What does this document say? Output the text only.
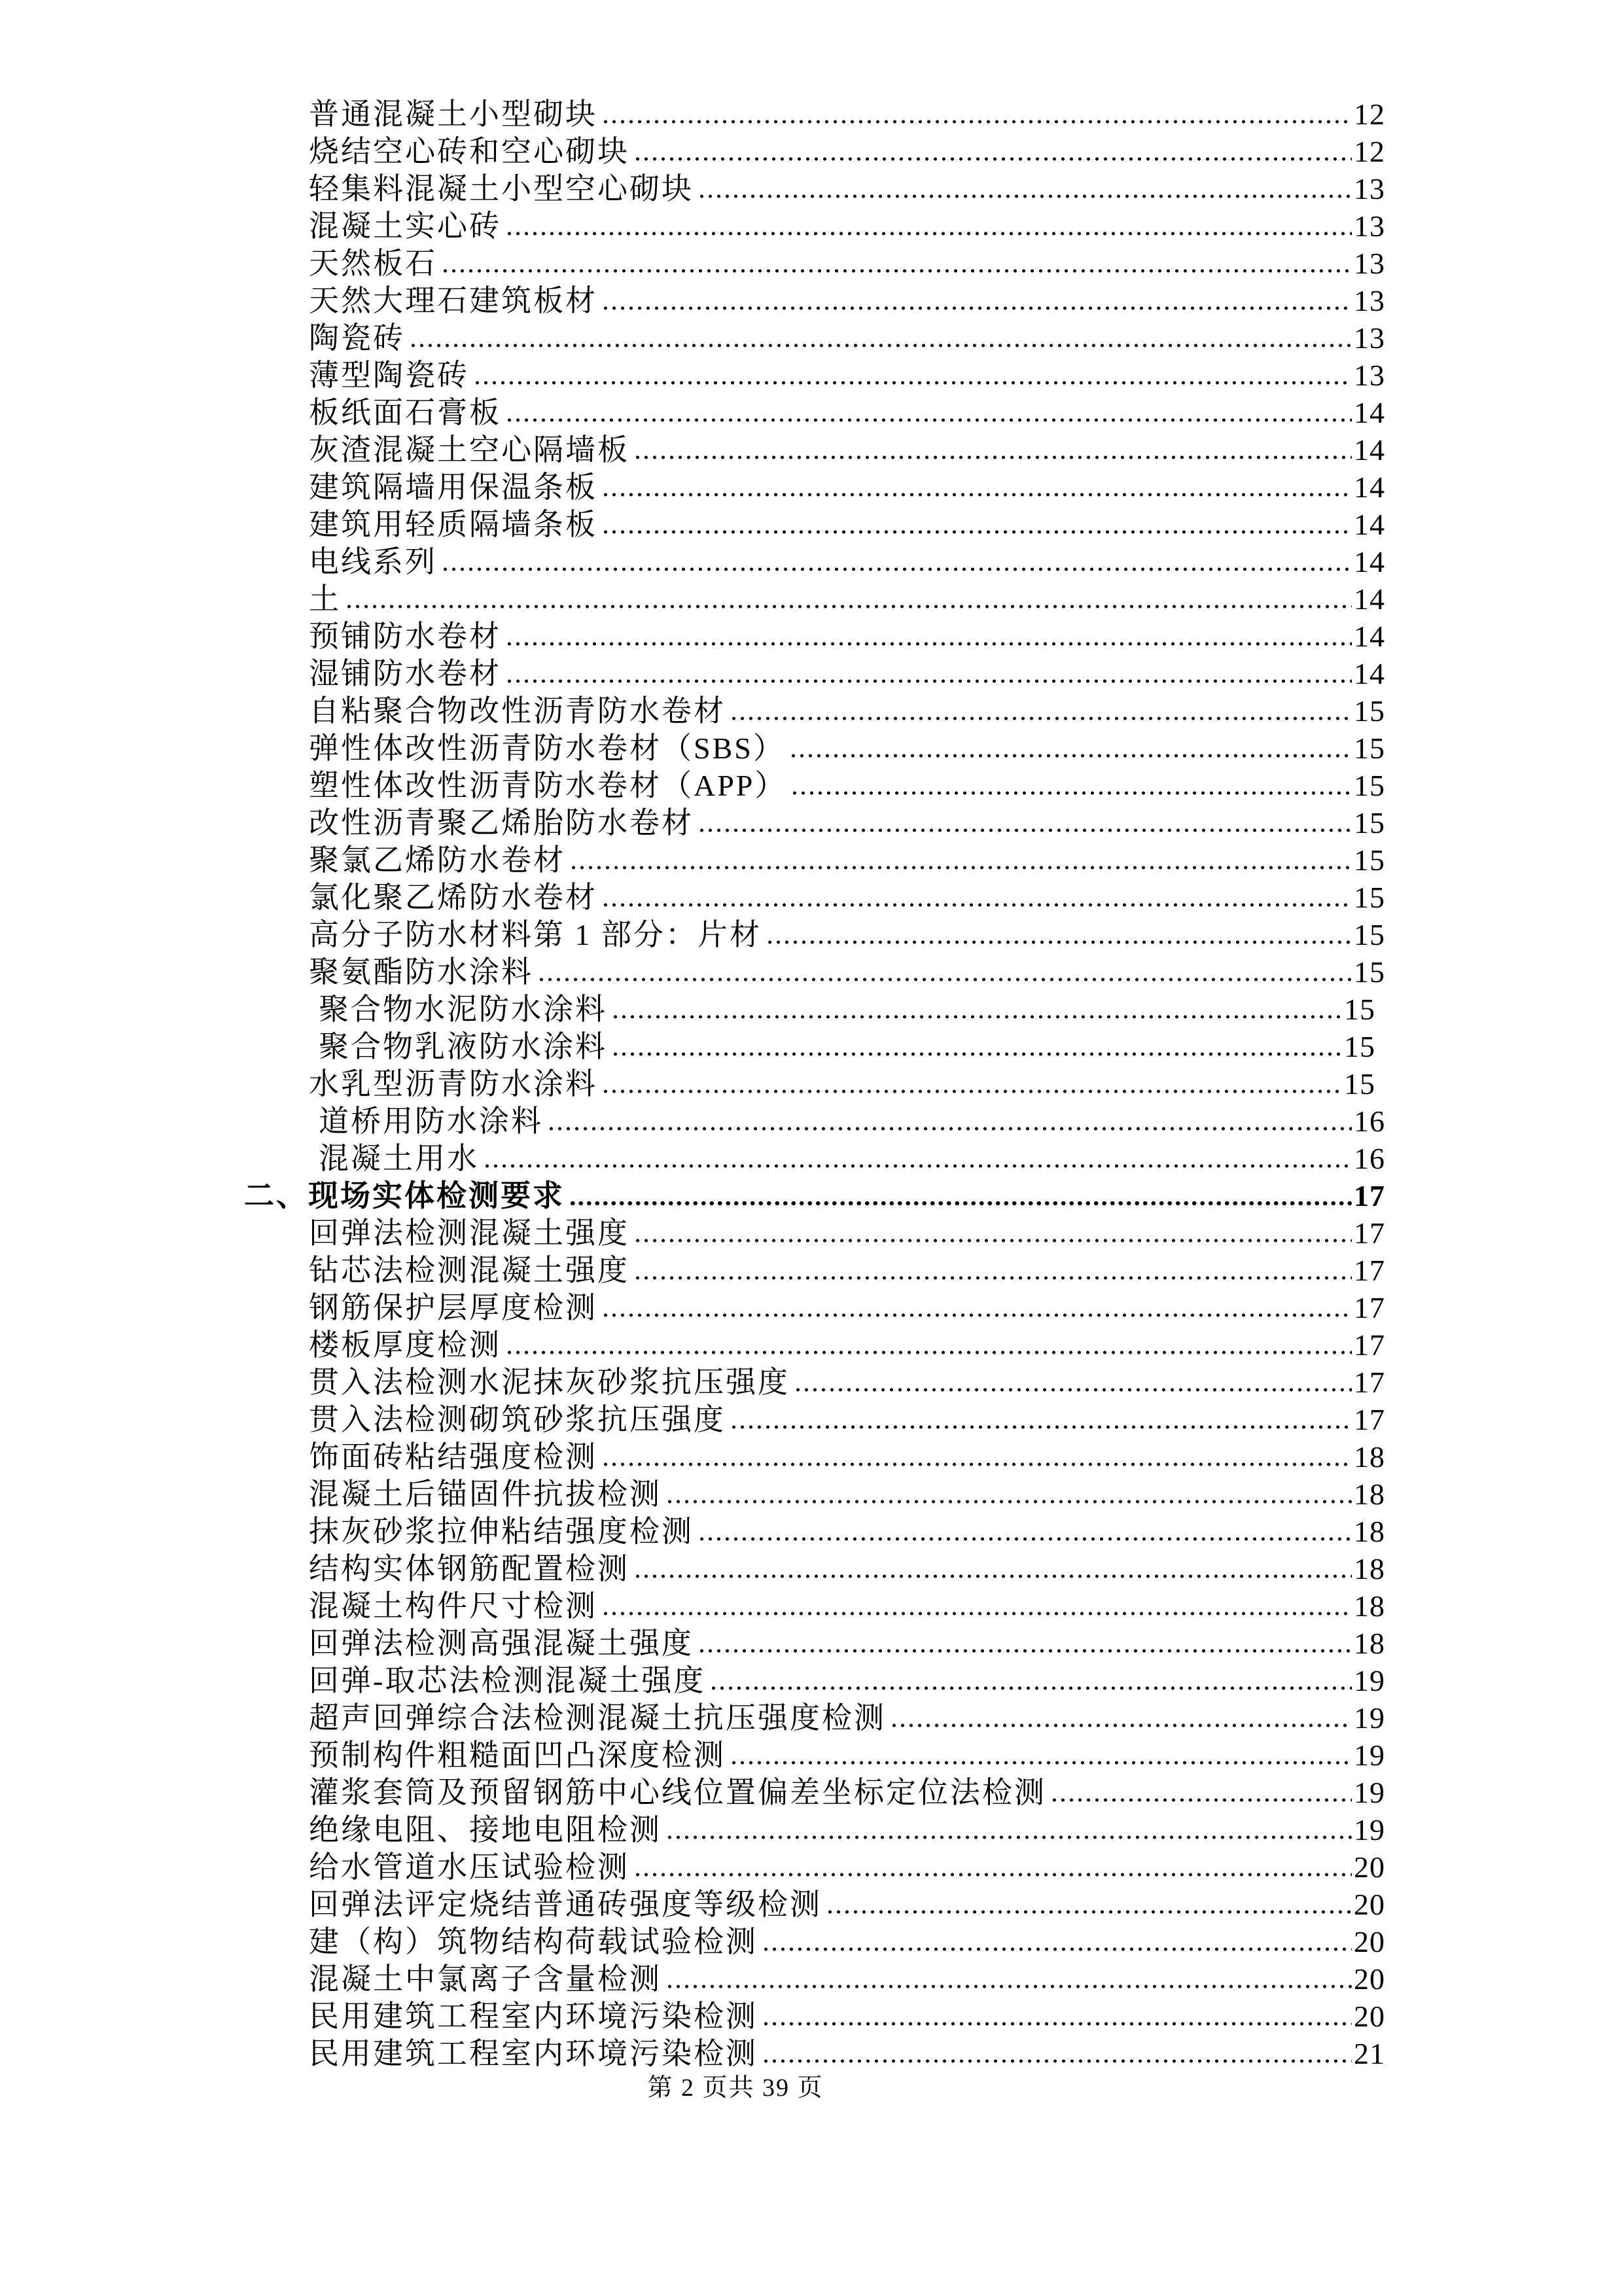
普通混凝土小型砌块	12
烧结空心砖和空心砌块	12
轻集料混凝土小型空心砌块	13
混凝土实心砖	13
天然板石	13
天然大理石建筑板材	13
陶瓷砖	13
薄型陶瓷砖	13
板纸面石膏板	14
灰渣混凝土空心隔墙板	14
建筑隔墙用保温条板	14
建筑用轻质隔墙条板	14
电线系列	14
土	14
预铺防水卷材	14
湿铺防水卷材	14
自粘聚合物改性沥青防水卷材	15
弹性体改性沥青防水卷材（SBS）	15
塑性体改性沥青防水卷材（APP）	15
改性沥青聚乙烯胎防水卷材	15
聚氯乙烯防水卷材	15
氯化聚乙烯防水卷材	15
高分子防水材料第 1 部分：片材	15
聚氨酯防水涂料	15
聚合物水泥防水涂料	15
聚合物乳液防水涂料	15
水乳型沥青防水涂料	15
道桥用防水涂料	16
混凝土用水	16
二、现场实体检测要求	17
回弹法检测混凝土强度	17
钻芯法检测混凝土强度	17
钢筋保护层厚度检测	17
楼板厚度检测	17
贯入法检测水泥抹灰砂浆抗压强度	17
贯入法检测砌筑砂浆抗压强度	17
饰面砖粘结强度检测	18
混凝土后锚固件抗拔检测	18
抹灰砂浆拉伸粘结强度检测	18
结构实体钢筋配置检测	18
混凝土构件尺寸检测	18
回弹法检测高强混凝土强度	18
回弹-取芯法检测混凝土强度	19
超声回弹综合法检测混凝土抗压强度检测	19
预制构件粗糙面凹凸深度检测	19
灌浆套筒及预留钢筋中心线位置偏差坐标定位法检测	19
绝缘电阻、接地电阻检测	19
给水管道水压试验检测	20
回弹法评定烧结普通砖强度等级检测	20
建（构）筑物结构荷载试验检测	20
混凝土中氯离子含量检测	20
民用建筑工程室内环境污染检测	20
民用建筑工程室内环境污染检测	21
第 2 页共 39 页
